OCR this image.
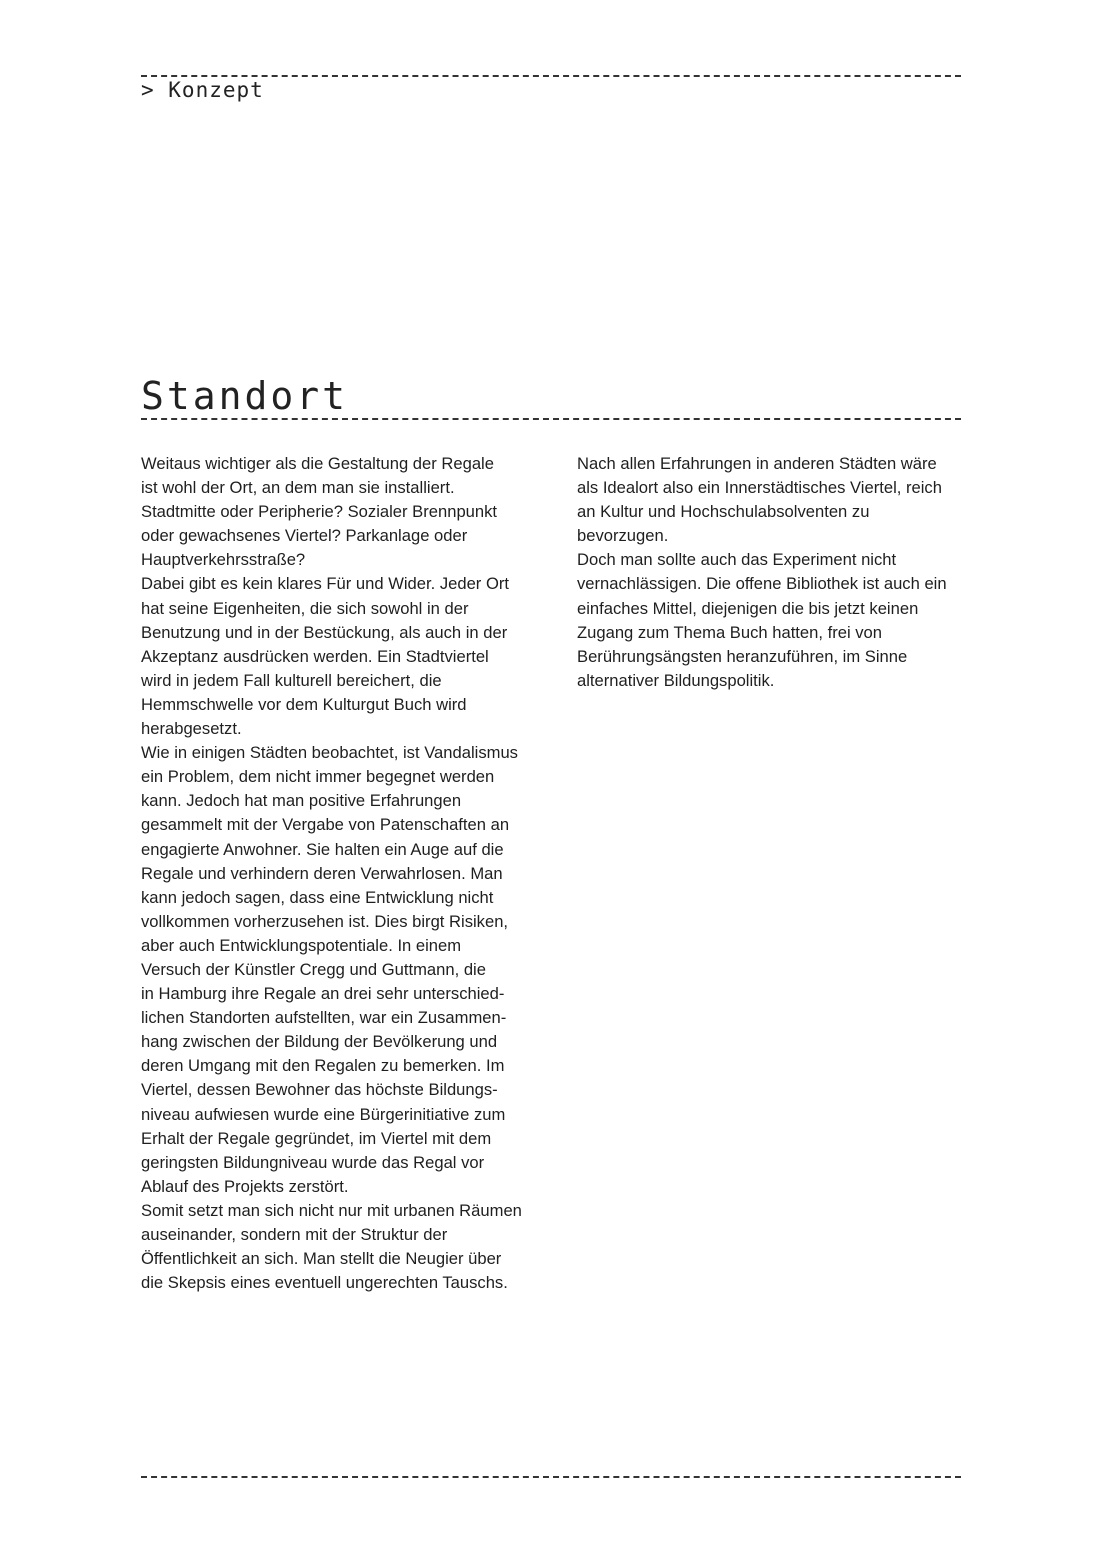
> Konzept
Standort
Weitaus wichtiger als die Gestaltung der Regale
ist wohl der Ort, an dem man sie installiert.
Stadtmitte oder Peripherie? Sozialer Brennpunkt
oder gewachsenes Viertel? Parkanlage oder
Hauptverkehrsstraße?
Dabei gibt es kein klares Für und Wider. Jeder Ort
hat seine Eigenheiten, die sich sowohl in der
Benutzung und in der Bestückung, als auch in der
Akzeptanz ausdrücken werden. Ein Stadtviertel
wird in jedem Fall kulturell bereichert, die
Hemmschwelle vor dem Kulturgut Buch wird
herabgesetzt.
Wie in einigen Städten beobachtet, ist Vandalismus
ein Problem, dem nicht immer begegnet werden
kann. Jedoch hat man positive Erfahrungen
gesammelt mit der Vergabe von Patenschaften an
engagierte Anwohner. Sie halten ein Auge auf die
Regale und verhindern deren Verwahrlosen. Man
kann jedoch sagen, dass eine Entwicklung nicht
vollkommen vorherzusehen ist. Dies birgt Risiken,
aber auch Entwicklungspotentiale. In einem
Versuch der Künstler Cregg und Guttmann, die
in Hamburg ihre Regale an drei sehr unterschied-
lichen Standorten aufstellten, war ein Zusammen-
hang zwischen der Bildung der Bevölkerung und
deren Umgang mit den Regalen zu bemerken. Im
Viertel, dessen Bewohner das höchste Bildungs-
niveau aufwiesen wurde eine Bürgerinitiative zum
Erhalt der Regale gegründet, im Viertel mit dem
geringsten Bildungniveau wurde das Regal vor
Ablauf des Projekts zerstört.
Somit setzt man sich nicht nur mit urbanen Räumen
auseinander, sondern mit der Struktur der
Öffentlichkeit an sich. Man stellt die Neugier über
die Skepsis eines eventuell ungerechten Tauschs.
Nach allen Erfahrungen in anderen Städten wäre
als Idealort also ein Innerstädtisches Viertel, reich
an Kultur und Hochschulabsolventen zu
bevorzugen.
Doch man sollte auch das Experiment nicht
vernachlässigen. Die offene Bibliothek ist auch ein
einfaches Mittel, diejenigen die bis jetzt keinen
Zugang zum Thema Buch hatten, frei von
Berührungsängsten heranzuführen, im Sinne
alternativer Bildungspolitik.
